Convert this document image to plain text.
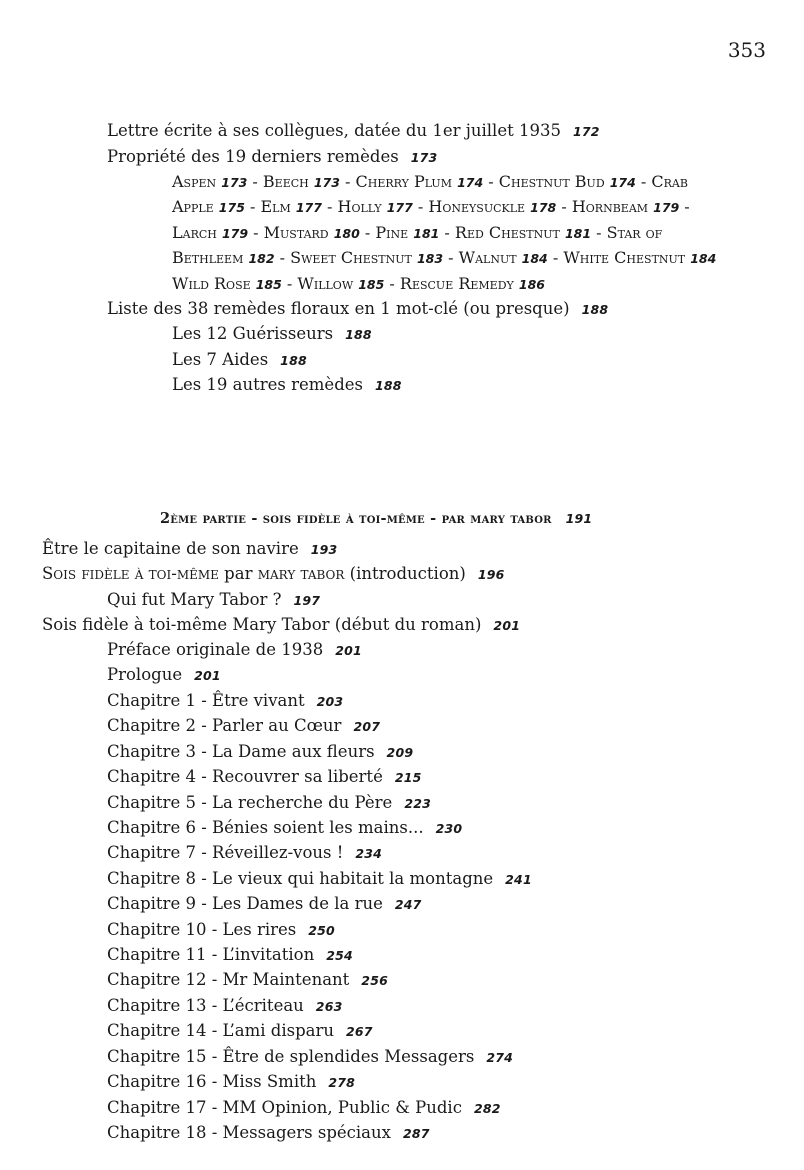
353
Lettre écrite à ses collègues, datée du 1er juillet 1935 172
Propriété des 19 derniers remèdes 173
Aspen 173 - Beech 173 - Cherry Plum 174 - Chestnut Bud 174 - Crab
Apple 175 - Elm 177 - Holly 177 - Honeysuckle 178 - Hornbeam 179 -
Larch 179 - Mustard 180 - Pine 181 - Red Chestnut 181 - Star of
Bethleem 182 - Sweet Chestnut 183 - Walnut 184 - White Chestnut 184
Wild Rose 185 - Willow 185 - Rescue Remedy 186
Liste des 38 remèdes floraux en 1 mot-clé (ou presque) 188
Les 12 Guérisseurs 188
Les 7 Aides 188
Les 19 autres remèdes 188
2ème partie - sois fidèle à toi-même - par mary tabor 191
Être le capitaine de son navire 193
Sois fidèle à toi-même par mary tabor (introduction) 196
Qui fut Mary Tabor ? 197
Sois fidèle à toi-même Mary Tabor (début du roman) 201
Préface originale de 1938 201
Prologue 201
Chapitre 1 - Être vivant 203
Chapitre 2 - Parler au Cœur 207
Chapitre 3 - La Dame aux fleurs 209
Chapitre 4 - Recouvrer sa liberté 215
Chapitre 5 - La recherche du Père 223
Chapitre 6 - Bénies soient les mains... 230
Chapitre 7 - Réveillez-vous ! 234
Chapitre 8 - Le vieux qui habitait la montagne 241
Chapitre 9 - Les Dames de la rue 247
Chapitre 10 - Les rires 250
Chapitre 11 - L’invitation 254
Chapitre 12 - Mr Maintenant 256
Chapitre 13 - L’écriteau 263
Chapitre 14 - L’ami disparu 267
Chapitre 15 - Être de splendides Messagers 274
Chapitre 16 - Miss Smith 278
Chapitre 17 - MM Opinion, Public & Pudic 282
Chapitre 18 - Messagers spéciaux 287
